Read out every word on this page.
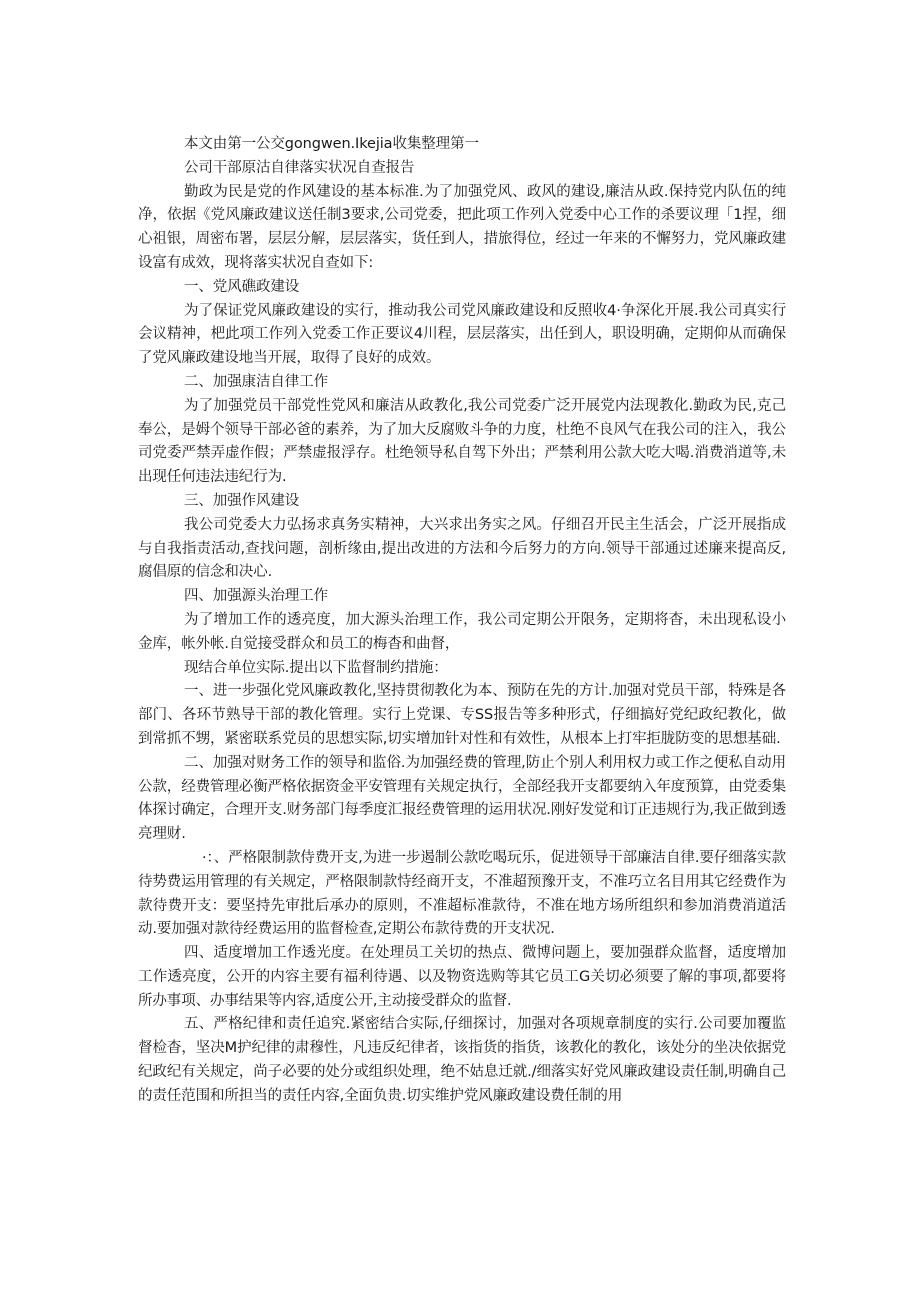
本文由第一公交gongwen.Ikejia收集整理第一

公司干部原沽自律落实状况自查报告

勤政为民是党的作风建设的基本标准.为了加强党风、政风的建设,廉洁从政.保持党内队伍的纯净，依据《党风廉政建议送任制3要求,公司党委，把此项工作列入党委中心工作的杀要议理「1捏，细心祖银，周密布署，层层分解，层层落实，货任到人，措旅得位，经过一年来的不懈努力，党风廉政建设富有成效，现将落实状况自查如下:

一、党风礁政建设

为了保证党风廉政建设的实行，推动我公司党风廉政建设和反照收4·争深化开展.我公司真实行会议精神，杷此项工作列入党委工作正要议4川程，层层落实，出任到人，职设明确，定期仰从而确保了党风廉政建设地当开展，取得了良好的成效。

二、加强康洁自律工作

为了加强党员干部党性党风和廉洁从政教化,我公司党委广泛开展党内法现教化.勤政为民,克己奉公，是姆个领导干部必爸的素养，为了加大反腐败斗争的力度，杜绝不良风气在我公司的注入，我公司党委严禁弄虚作假；严禁虚报浮存。杜绝领导私自驾下外出；严禁利用公款大吃大喝.消费消道等,未出现任何违法违纪行为.

三、加强作风建设

我公司党委大力弘扬求真务实精神，大兴求出务实之风。仔细召开民主生活会，广泛开展指成与自我指责活动,查找问题，剖析缘由,提出改进的方法和今后努力的方向.领导干部通过述廉来提高反,腐倡原的信念和决心.

四、加强源头治理工作

为了增加工作的透亮度，加大源头治理工作，我公司定期公开限务，定期将杳，未出现私设小金库，帐外帐.自觉接受群众和员工的梅杳和曲督，

现结合单位实际.提出以下监督制约措施：

一、进一步强化党风廉政教化,坚持贯彻教化为本、预防在先的方计.加强对党员干部，特殊是各部门、各环节熟导干部的教化管理。实行上党课、专SS报告等多种形式，仔细搞好党纪政纪教化，做到常抓不甥，紧密联系党员的思想实际,切实增加针对性和有效性，从根本上打牢拒胧防变的思想基础.

二、加强对财务工作的领导和监俗.为加强经费的管理,防止个别人利用权力或工作之便私自动用公款，经费管理必衡严格依据资金平安管理有关规定执行，全部经我开支都要纳入年度预算，由党委集体探讨确定，合理开支.财务部门每季度汇报经费管理的运用状况.刚好发觉和订正违规行为,我正做到透亮理财.

·：、严格限制款侍费开支,为进一步遏制公款吃喝玩乐，促进领导干部廉洁自律.要仔细落实款待势费运用管理的有关规定，严格限制款恃经商开支，不准超预豫开支，不准巧立名目用其它经费作为款待费开支：要坚持先审批后承办的原则，不准超标准款待，不准在地方场所组织和参加消费消道活动.要加强对款待经费运用的监督检查,定期公布款待费的开支状况.

四、适度增加工作透光度。在处理员工关切的热点、微博问题上，要加强群众监督，适度增加工作透亮度，公开的内容主要有福利待遇、以及物资选购等其它员工G关切必须要了解的事项,都要将所办事项、办事结果等内容,适度公开,主动接受群众的监督.

五、严格纪律和责任追究.紧密结合实际,仔细探讨，加强对各项规章制度的实行.公司要加覆监督检杳，坚决M护纪律的肃穆性，凡违反纪律者，该指货的指货，该教化的教化，该处分的坐决依据党纪政纪有关规定，尚子必要的处分或组织处理，绝不姑息迁就.∕细落实好党风廉政建设责任制,明确自己的责任范围和所担当的责任内容,全面负贵.切实维护党风廉政建设费任制的用
